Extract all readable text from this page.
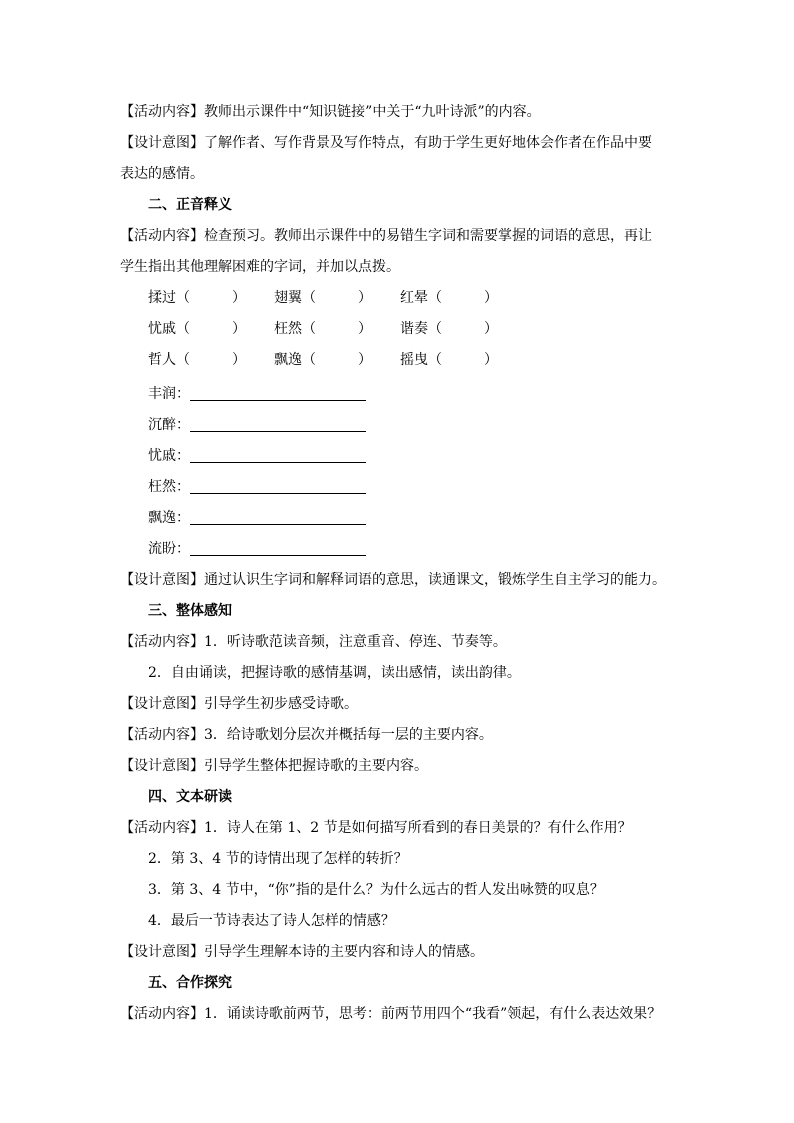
【活动内容】教师出示课件中“知识链接”中关于“九叶诗派”的内容。
【设计意图】了解作者、写作背景及写作特点，有助于学生更好地体会作者在作品中要
表达的感情。
二、正音释义
【活动内容】检查预习。教师出示课件中的易错生字词和需要掌握的词语的意思，再让
学生指出其他理解困难的字词，并加以点拨。
揉过（　　　） 翅翼（　　　） 红晕（　　　）
忧戚（　　　） 枉然（　　　） 谐奏（　　　）
哲人（　　　） 飘逸（　　　） 摇曳（　　　）
丰润：
沉醉：
忧戚：
枉然：
飘逸：
流盼：
【设计意图】通过认识生字词和解释词语的意思，读通课文，锻炼学生自主学习的能力。
三、整体感知
【活动内容】1．听诗歌范读音频，注意重音、停连、节奏等。
2．自由诵读，把握诗歌的感情基调，读出感情，读出韵律。
【设计意图】引导学生初步感受诗歌。
【活动内容】3．给诗歌划分层次并概括每一层的主要内容。
【设计意图】引导学生整体把握诗歌的主要内容。
四、文本研读
【活动内容】1．诗人在第 1、2 节是如何描写所看到的春日美景的？有什么作用？
2．第 3、4 节的诗情出现了怎样的转折？
3．第 3、4 节中，“你”指的是什么？为什么远古的哲人发出咏赞的叹息？
4．最后一节诗表达了诗人怎样的情感？
【设计意图】引导学生理解本诗的主要内容和诗人的情感。
五、合作探究
【活动内容】1．诵读诗歌前两节，思考：前两节用四个“我看”领起，有什么表达效果？
